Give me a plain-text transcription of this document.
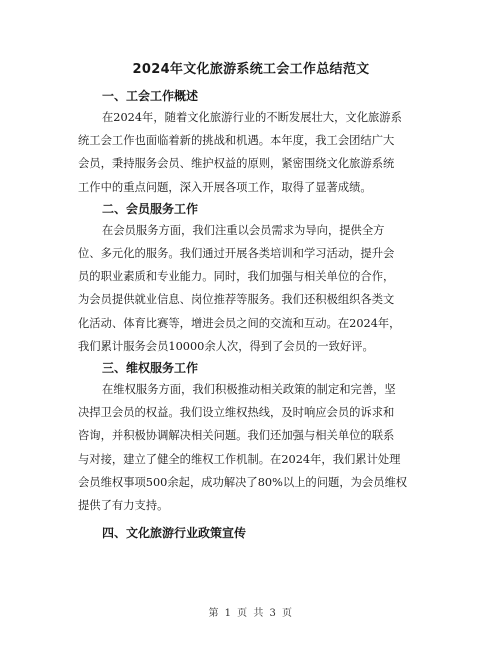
2024年文化旅游系统工会工作总结范文
一、工会工作概述

在2024年，随着文化旅游行业的不断发展壮大，文化旅游系
统工会工作也面临着新的挑战和机遇。本年度，我工会团结广大
会员，秉持服务会员、维护权益的原则，紧密围绕文化旅游系统
工作中的重点问题，深入开展各项工作，取得了显著成绩。

二、会员服务工作

在会员服务方面，我们注重以会员需求为导向，提供全方
位、多元化的服务。我们通过开展各类培训和学习活动，提升会
员的职业素质和专业能力。同时，我们加强与相关单位的合作，
为会员提供就业信息、岗位推荐等服务。我们还积极组织各类文
化活动、体育比赛等，增进会员之间的交流和互动。在2024年，
我们累计服务会员10000余人次，得到了会员的一致好评。

三、维权服务工作

在维权服务方面，我们积极推动相关政策的制定和完善，坚
决捍卫会员的权益。我们设立维权热线，及时响应会员的诉求和
咨询，并积极协调解决相关问题。我们还加强与相关单位的联系
与对接，建立了健全的维权工作机制。在2024年，我们累计处理
会员维权事项500余起，成功解决了80%以上的问题，为会员维权
提供了有力支持。

四、文化旅游行业政策宣传
第 1 页 共 3 页
